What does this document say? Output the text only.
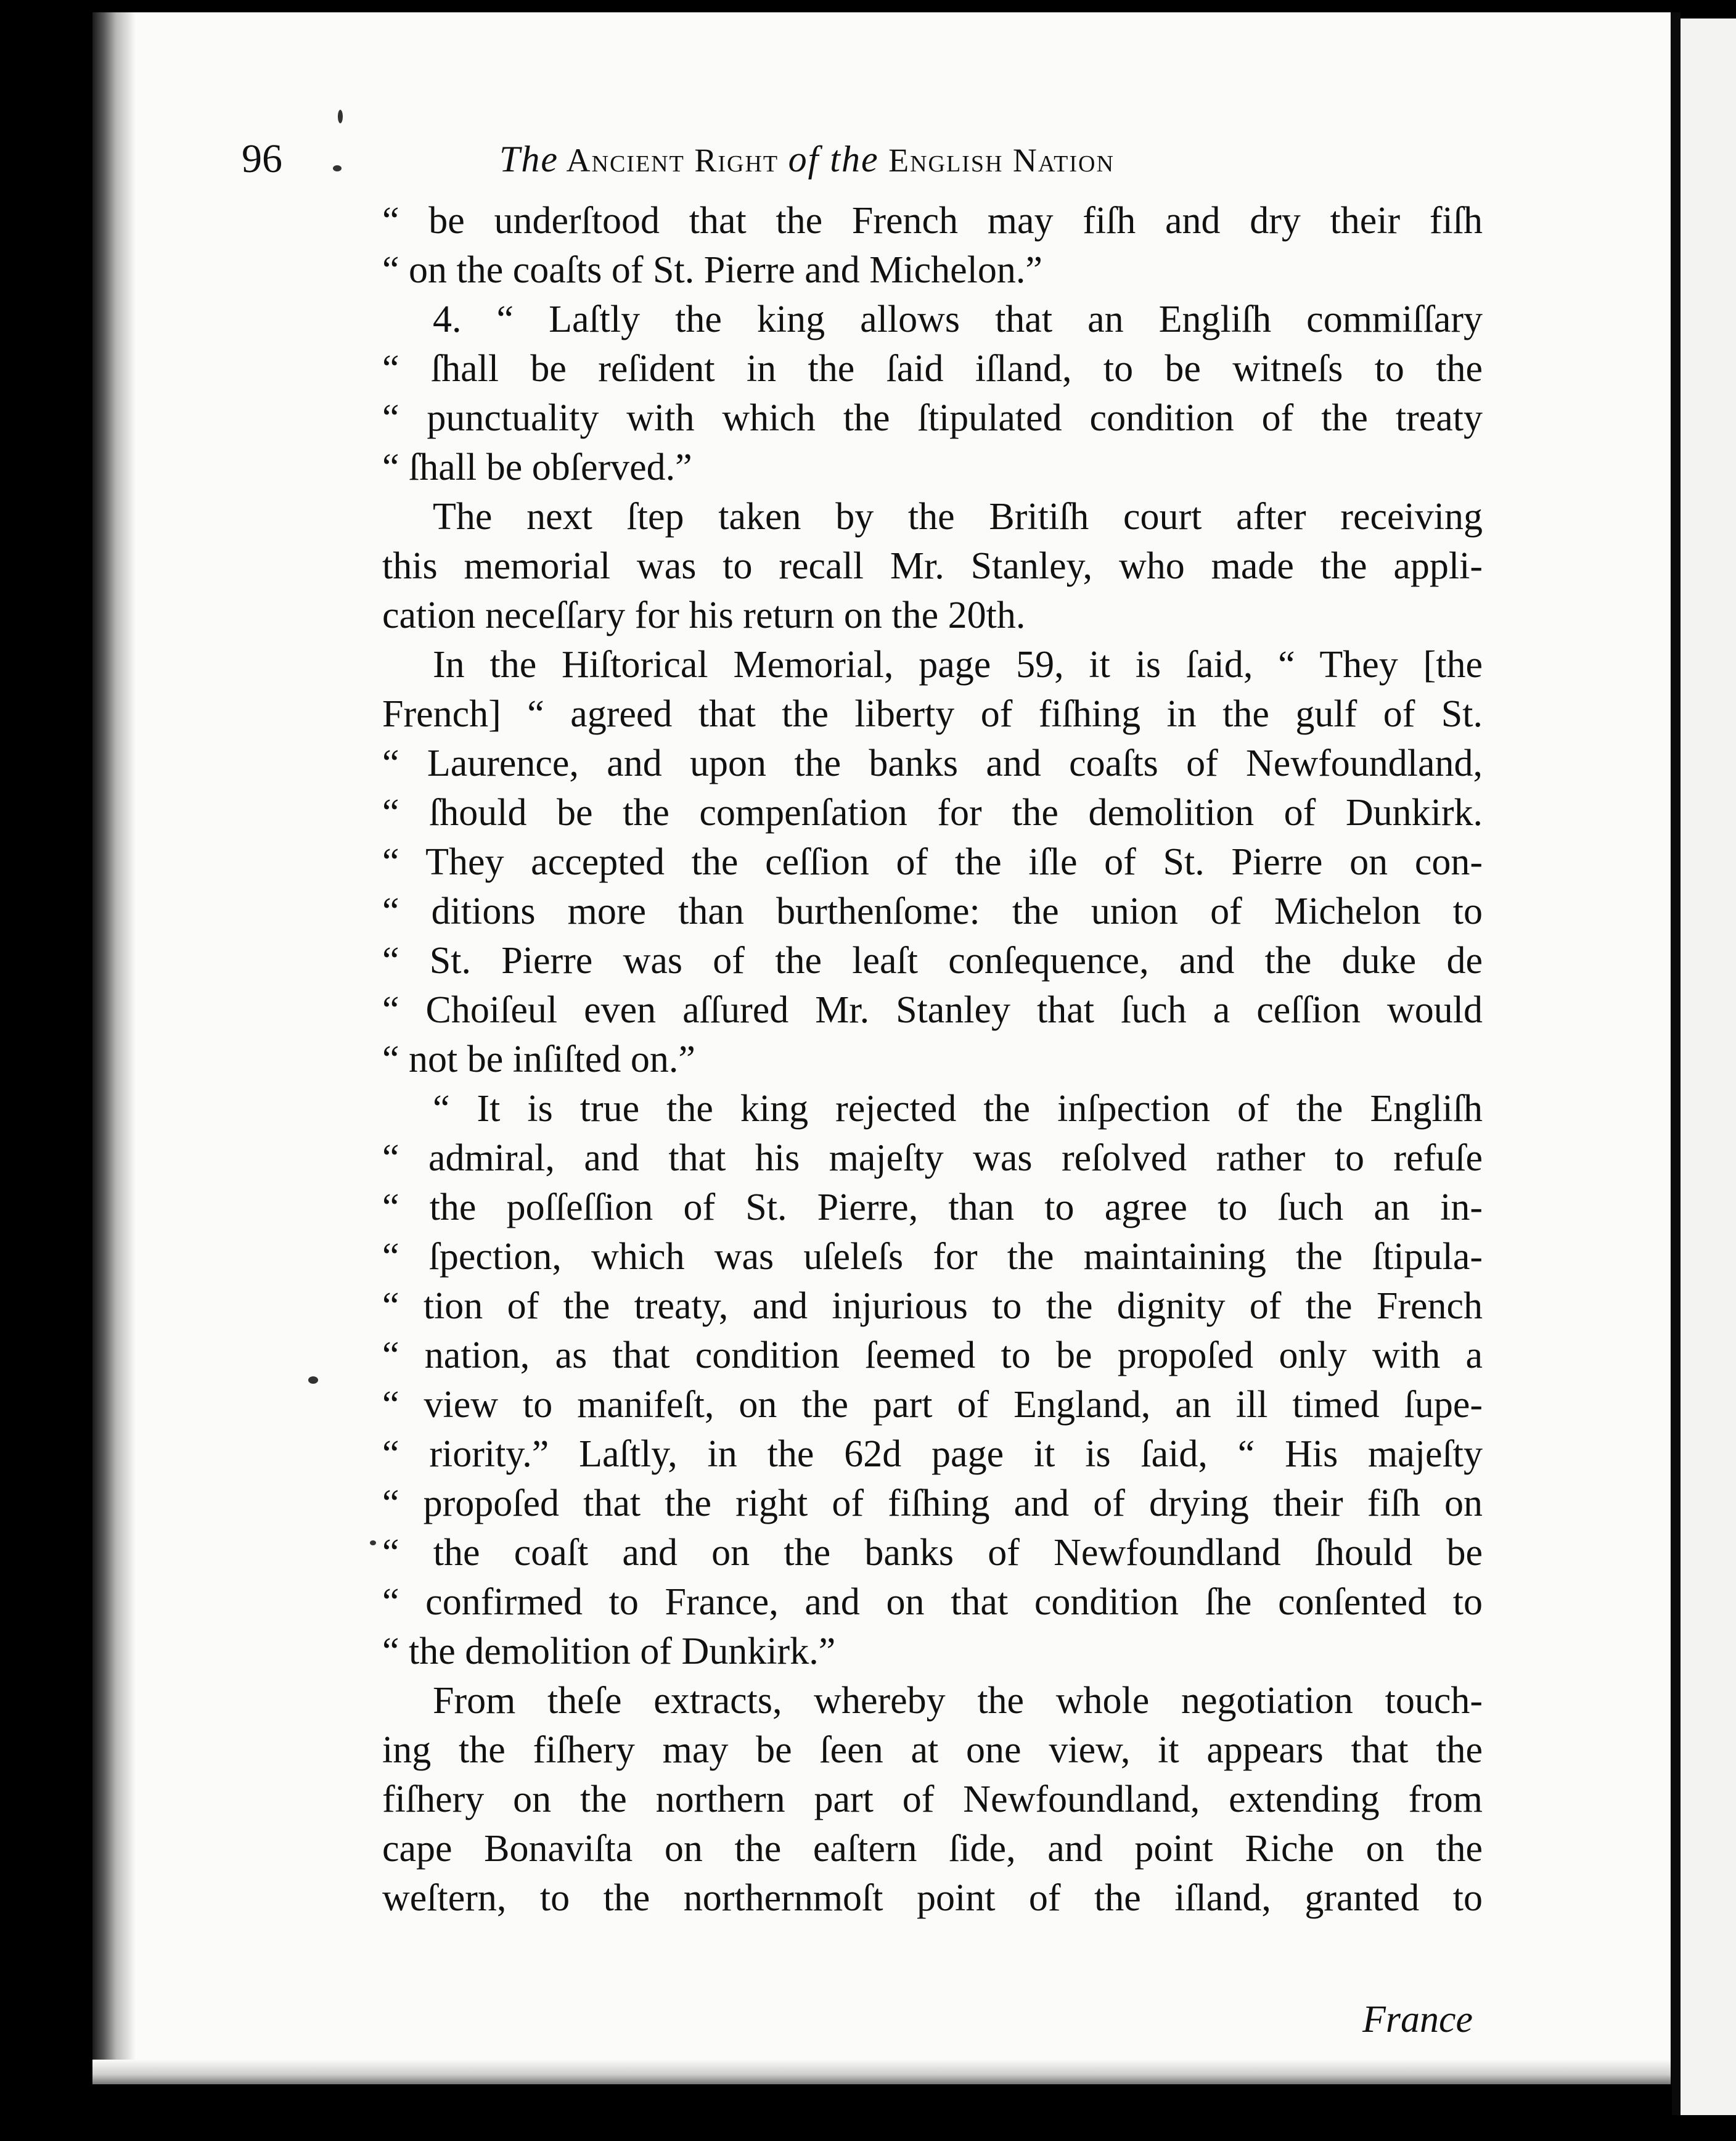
96	The Ancient Right of the English Nation
“ be underſtood that the French may fiſh and dry their fiſh
“ on the coaſts of St. Pierre and Michelon.”
4. “ Laſtly the king allows that an Engliſh commiſſary
“ ſhall be reſident in the ſaid iſland, to be witneſs to the
“ punctuality with which the ſtipulated condition of the treaty
“ ſhall be obſerved.”
The next ſtep taken by the Britiſh court after receiving
this memorial was to recall Mr. Stanley, who made the appli-
cation neceſſary for his return on the 20th.
In the Hiſtorical Memorial, page 59, it is ſaid, “ They [the
French] “ agreed that the liberty of fiſhing in the gulf of St.
“ Laurence, and upon the banks and coaſts of Newfoundland,
“ ſhould be the compenſation for the demolition of Dunkirk.
“ They accepted the ceſſion of the iſle of St. Pierre on con-
“ ditions more than burthenſome: the union of Michelon to
“ St. Pierre was of the leaſt conſequence, and the duke de
“ Choiſeul even aſſured Mr. Stanley that ſuch a ceſſion would
“ not be inſiſted on.”
“ It is true the king rejected the inſpection of the Engliſh
“ admiral, and that his majeſty was reſolved rather to refuſe
“ the poſſeſſion of St. Pierre, than to agree to ſuch an in-
“ ſpection, which was uſeleſs for the maintaining the ſtipula-
“ tion of the treaty, and injurious to the dignity of the French
“ nation, as that condition ſeemed to be propoſed only with a
“ view to manifeſt, on the part of England, an ill timed ſupe-
“ riority.” Laſtly, in the 62d page it is ſaid, “ His majeſty
“ propoſed that the right of fiſhing and of drying their fiſh on
“ the coaſt and on the banks of Newfoundland ſhould be
“ confirmed to France, and on that condition ſhe conſented to
“ the demolition of Dunkirk.”
From theſe extracts, whereby the whole negotiation touch-
ing the fiſhery may be ſeen at one view, it appears that the
fiſhery on the northern part of Newfoundland, extending from
cape Bonaviſta on the eaſtern ſide, and point Riche on the
weſtern, to the northernmoſt point of the iſland, granted to
France
